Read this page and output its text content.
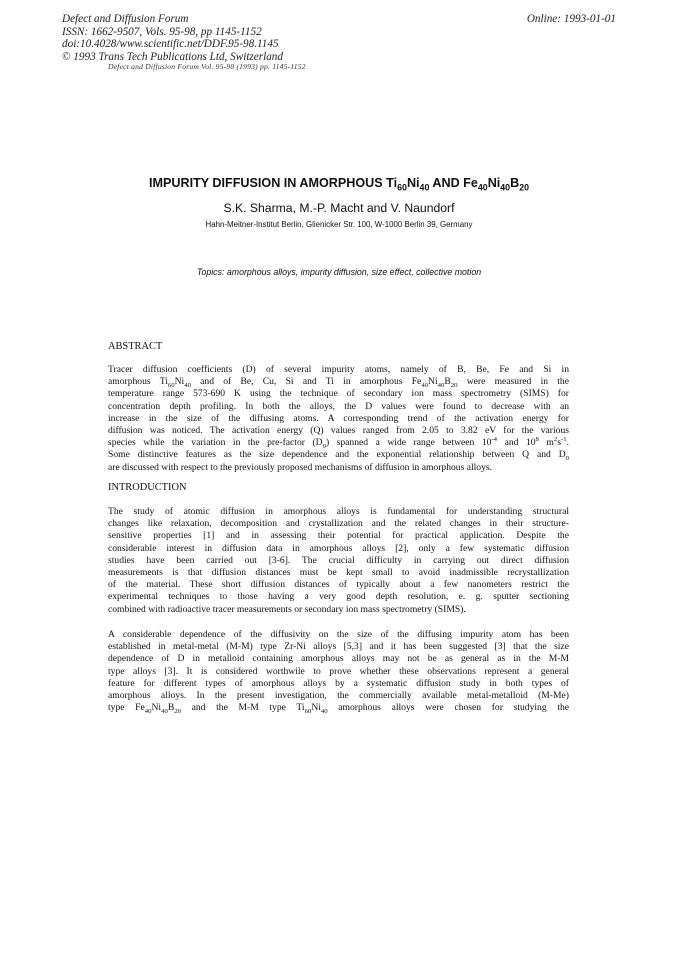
Defect and Diffusion Forum
ISSN: 1662-9507, Vols. 95-98, pp 1145-1152
doi:10.4028/www.scientific.net/DDF.95-98.1145
© 1993 Trans Tech Publications Ltd, Switzerland
Online: 1993-01-01
Defect and Diffusion Forum Vol. 95-98 (1993) pp. 1145-1152
IMPURITY DIFFUSION IN AMORPHOUS $Ti_{60}Ni_{40}$ AND $Fe_{40}Ni_{40}B_{20}$
S.K. Sharma, M.-P. Macht and V. Naundorf
Hahn-Meitner-Institut Berlin, Glienicker Str. 100, W-1000 Berlin 39, Germany
Topics: amorphous alloys, impurity diffusion, size effect, collective motion
ABSTRACT
Tracer diffusion coefficients (D) of several impurity atoms, namely of B, Be, Fe and Si in
amorphous $Ti_{60}Ni_{40}$ and of Be, Cu, Si and Ti in amorphous $Fe_{40}Ni_{40}B_{20}$ were measured in the
temperature range 573-690 K using the technique of secondary ion mass spectrometry (SIMS) for
concentration depth profiling. In both the alloys, the D values were found to decrease with an
increase in the size of the diffusing atoms. A corresponding trend of the activation energy for
diffusion was noticed. The activation energy (Q) values ranged from 2.05 to 3.82 eV for the various
species while the variation in the pre-factor $(D_0)$ spanned a wide range between $10^{-4}$ and $10^8$ $m^2s^{-1}$.
Some distinctive features as the size dependence and the exponential relationship between Q and $D_0$
are discussed with respect to the previously proposed mechanisms of diffusion in amorphous alloys.
INTRODUCTION
The study of atomic diffusion in amorphous alloys is fundamental for understanding structural
changes like relaxation, decomposition and crystallization and the related changes in their structure-
sensitive properties [1] and in assessing their potential for practical application. Despite the
considerable interest in diffusion data in amorphous alloys [2], only a few systematic diffusion
studies have been carried out [3-6]. The crucial difficulty in carrying out direct diffusion
measurements is that diffusion distances must be kept small to avoid inadmissible recrystallization
of the material. These short diffusion distances of typically about a few nanometers restrict the
experimental techniques to those having a very good depth resolution, e. g. sputter sectioning
combined with radioactive tracer measurements or secondary ion mass spectrometry (SIMS).
A considerable dependence of the diffusivity on the size of the diffusing impurity atom has been
established in metal-metal (M-M) type Zr-Ni alloys [5,3] and it has been suggested [3] that the size
dependence of D in metalloid containing amorphous alloys may not be as general as in the M-M
type alloys [3]. It is considered worthwile to prove whether these observations represent a general
feature for different types of amorphous alloys by a systematic diffusion study in both types of
amorphous alloys. In the present investigation, the commercially available metal-metalloid (M-Me)
type $Fe_{40}Ni_{40}B_{20}$ and the M-M type $Ti_{60}Ni_{40}$ amorphous alloys were chosen for studying the
